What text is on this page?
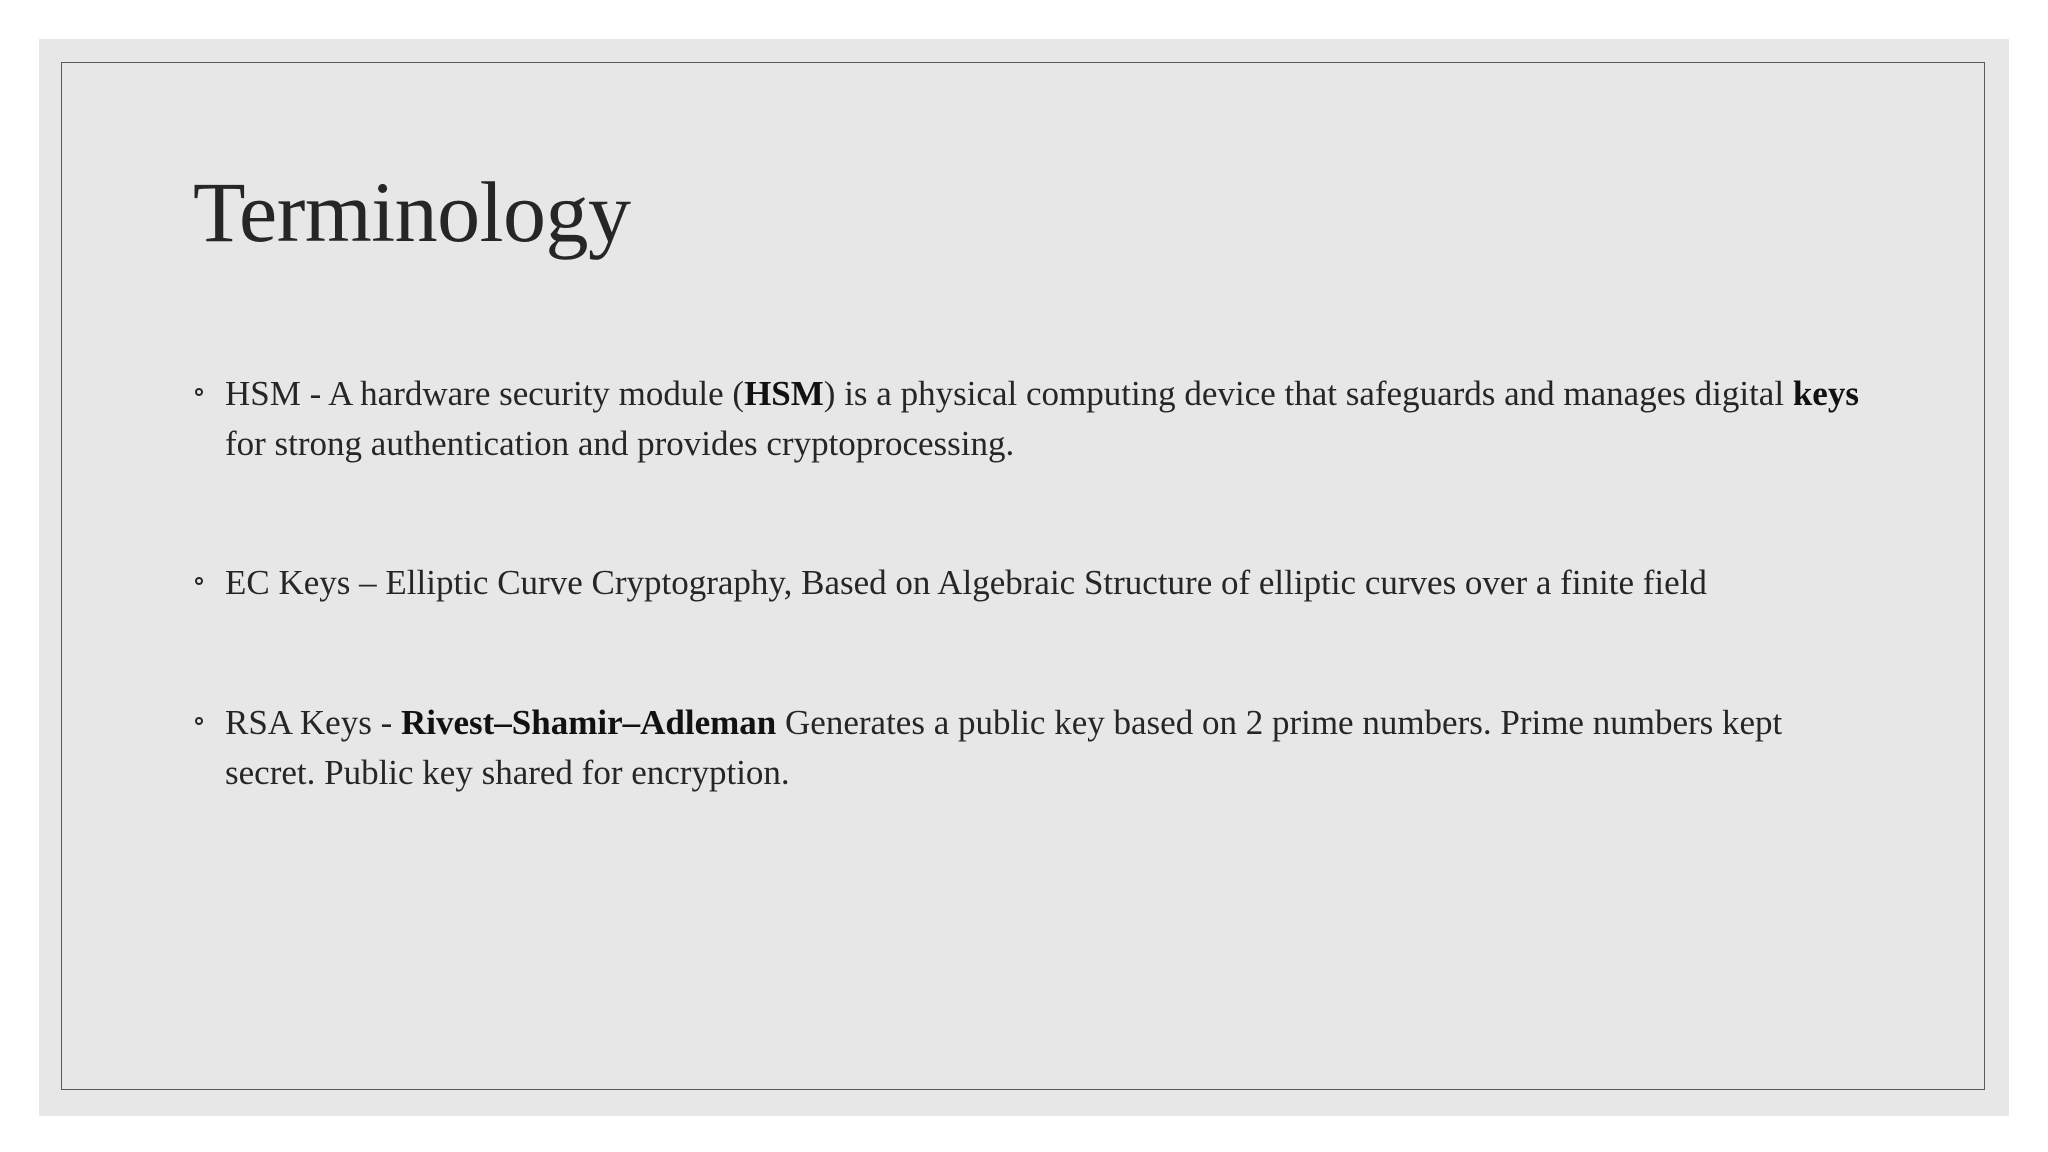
Terminology
HSM - A hardware security module (HSM) is a physical computing device that safeguards and manages digital keys for strong authentication and provides cryptoprocessing.
EC Keys – Elliptic Curve Cryptography, Based on Algebraic Structure of elliptic curves over a finite field
RSA Keys - Rivest–Shamir–Adleman Generates a public key based on 2 prime numbers. Prime numbers kept secret. Public key shared for encryption.
